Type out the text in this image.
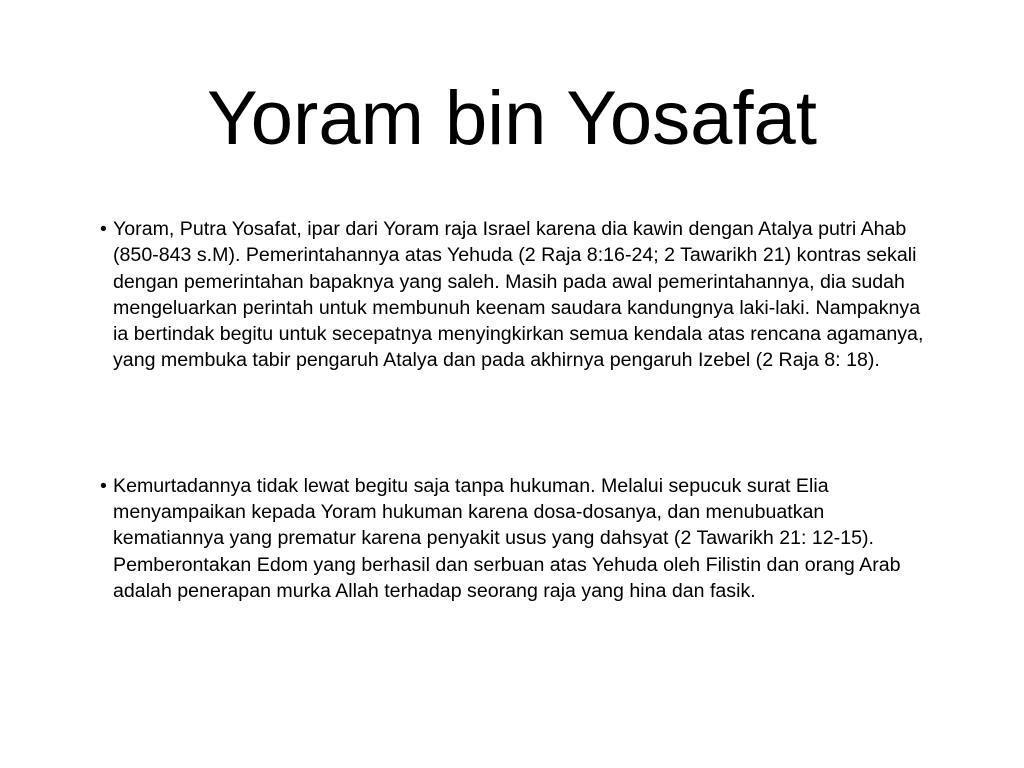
Yoram bin Yosafat
• Yoram, Putra Yosafat, ipar dari Yoram raja Israel karena dia kawin dengan Atalya putri Ahab (850-843 s.M). Pemerintahannya atas Yehuda (2 Raja 8:16-24; 2 Tawarikh 21) kontras sekali dengan pemerintahan bapaknya yang saleh. Masih pada awal pemerintahannya, dia sudah mengeluarkan perintah untuk membunuh keenam saudara kandungnya laki-laki. Nampaknya ia bertindak begitu untuk secepatnya menyingkirkan semua kendala atas rencana agamanya, yang membuka tabir pengaruh Atalya dan pada akhirnya pengaruh Izebel (2 Raja 8: 18).
• Kemurtadannya tidak lewat begitu saja tanpa hukuman. Melalui sepucuk surat Elia menyampaikan kepada Yoram hukuman karena dosa-dosanya, dan menubuatkan kematiannya yang prematur karena penyakit usus yang dahsyat (2 Tawarikh 21: 12-15). Pemberontakan Edom yang berhasil dan serbuan atas Yehuda oleh Filistin dan orang Arab adalah penerapan murka Allah terhadap seorang raja yang hina dan fasik.
